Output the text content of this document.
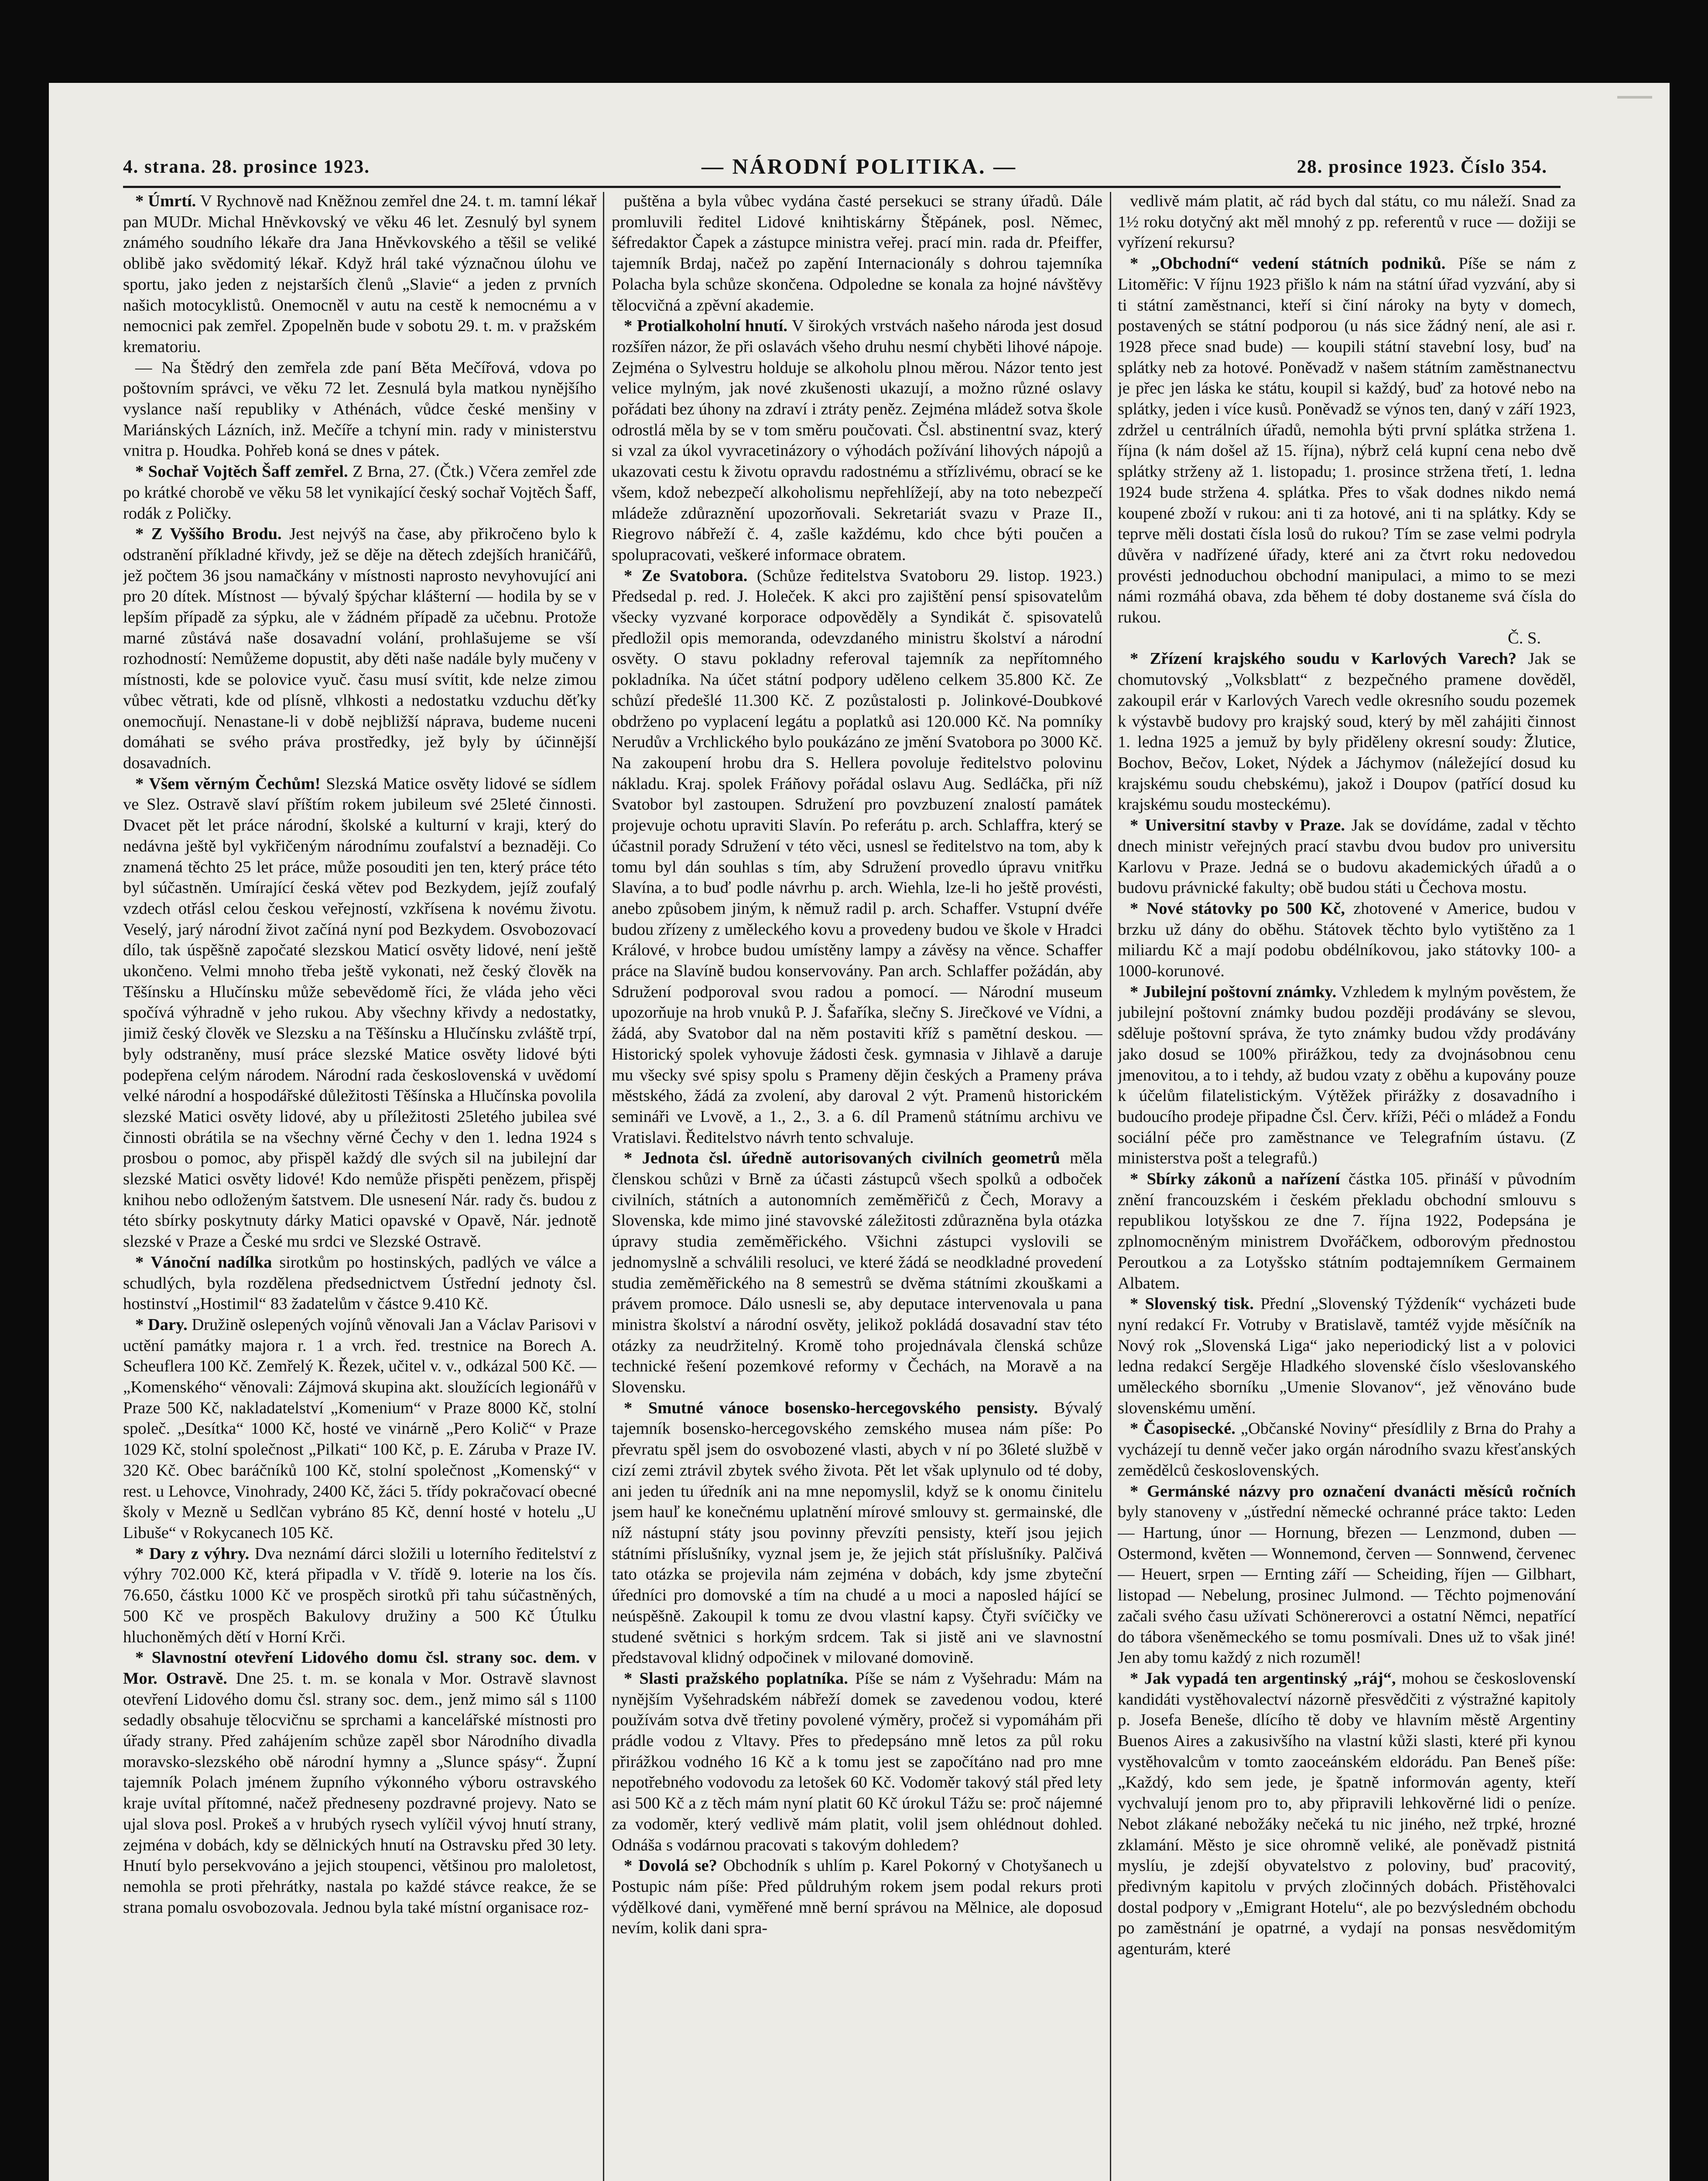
4. strana. 28. prosince 1923.	— NÁRODNÍ POLITIKA. —	28. prosince 1923. Číslo 354.

* Úmrtí. V Rychnově nad Kněžnou zemřel dne 24. t. m. tamní lékař pan MUDr. Michal Hněvkovský ve věku 46 let. Zesnulý byl synem známého soudního lékaře dra Jana Hněvkovského a těšil se veliké oblibě jako svědomitý lékař. Když hrál také význačnou úlohu ve sportu, jako jeden z nejstarších členů „Slavie“ a jeden z prvních našich motocyklistů. Onemocněl v autu na cestě k nemocnému a v nemocnici pak zemřel. Zpopelněn bude v sobotu 29. t. m. v pražském krematoriu.

— Na Štědrý den zemřela zde paní Běta Mečířová, vdova po poštovním správci, ve věku 72 let. Zesnulá byla matkou nynějšího vyslance naší republiky v Athénách, vůdce české menšiny v Mariánských Lázních, inž. Mečíře a tchyní min. rady v ministerstvu vnitra p. Houdka. Pohřeb koná se dnes v pátek.

* Sochař Vojtěch Šaff zemřel. Z Brna, 27. (Čtk.) Včera zemřel zde po krátké chorobě ve věku 58 let vynikající český sochař Vojtěch Šaff, rodák z Poličky.

* Z Vyššího Brodu. Jest nejvýš na čase, aby přikročeno bylo k odstranění příkladné křivdy, jež se děje na dětech zdejších hraničářů, jež počtem 36 jsou namačkány v místnosti naprosto nevyhovující ani pro 20 dítek. Místnost — bývalý špýchar klášterní — hodila by se v lepším případě za sýpku, ale v žádném případě za učebnu. Protože marné zůstává naše dosavadní volání, prohlašujeme se vší rozhodností: Nemůžeme dopustit, aby děti naše nadále byly mučeny v místnosti, kde se polovice vyuč. času musí svítit, kde nelze zimou vůbec větrati, kde od plísně, vlhkosti a nedostatku vzduchu děťky onemocňují. Nenastane-li v době nejbližší náprava, budeme nuceni domáhati se svého práva prostředky, jež byly by účinnější dosavadních.

* Všem věrným Čechům! Slezská Matice osvěty lidové se sídlem ve Slez. Ostravě slaví příštím rokem jubileum své 25leté činnosti. Dvacet pět let práce národní, školské a kulturní v kraji, který do nedávna ještě byl vykřičeným národnímu zoufalství a beznaději. Co znamená těchto 25 let práce, může posouditi jen ten, který práce této byl súčastněn. Umírající česká větev pod Bezkydem, jejíž zoufalý vzdech otřásl celou českou veřejností, vzkřísena k novému životu. Veselý, jarý národní život začíná nyní pod Bezkydem. Osvobozovací dílo, tak úspěšně započaté slezskou Maticí osvěty lidové, není ještě ukončeno. Velmi mnoho třeba ještě vykonati, než český člověk na Těšínsku a Hlučínsku může sebevědomě říci, že vláda jeho věci spočívá výhradně v jeho rukou. Aby všechny křivdy a nedostatky, jimiž český člověk ve Slezsku a na Těšínsku a Hlučínsku zvláště trpí, byly odstraněny, musí práce slezské Matice osvěty lidové býti podepřena celým národem. Národní rada československá v uvědomí velké národní a hospodářské důležitosti Těšínska a Hlučínska povolila slezské Matici osvěty lidové, aby u příležitosti 25letého jubilea své činnosti obrátila se na všechny věrné Čechy v den 1. ledna 1924 s prosbou o pomoc, aby přispěl každý dle svých sil na jubilejní dar slezské Matici osvěty lidové! Kdo nemůže přispěti penězem, přispěj knihou nebo odloženým šatstvem. Dle usnesení Nár. rady čs. budou z této sbírky poskytnuty dárky Matici opavské v Opavě, Nár. jednotě slezské v Praze a České mu srdci ve Slezské Ostravě.

* Vánoční nadílka sirotkům po hostinských, padlých ve válce a schudlých, byla rozdělena předsednictvem Ústřední jednoty čsl. hostinství „Hostimil“ 83 žadatelům v částce 9.410 Kč.

* Dary. Družině oslepených vojínů věnovali Jan a Václav Parisovi v uctění památky majora r. 1 a vrch. řed. trestnice na Borech A. Scheuflera 100 Kč. Zemřelý K. Řezek, učitel v. v., odkázal 500 Kč. — „Komenského“ věnovali: Zájmová skupina akt. sloužících legionářů v Praze 500 Kč, nakladatelství „Komenium“ v Praze 8000 Kč, stolní společ. „Desítka“ 1000 Kč, hosté ve vinárně „Pero Količ“ v Praze 1029 Kč, stolní společnost „Pilkati“ 100 Kč, p. E. Záruba v Praze IV. 320 Kč. Obec baráčníků 100 Kč, stolní společnost „Komenský“ v rest. u Lehovce, Vinohrady, 2400 Kč, žáci 5. třídy pokračovací obecné školy v Mezně u Sedlčan vybráno 85 Kč, denní hosté v hotelu „U Libuše“ v Rokycanech 105 Kč.

* Dary z výhry. Dva neznámí dárci složili u loterního ředitelství z výhry 702.000 Kč, která připadla v V. třídě 9. loterie na los čís. 76.650, částku 1000 Kč ve prospěch sirotků při tahu súčastněných, 500 Kč ve prospěch Bakulovy družiny a 500 Kč Útulku hluchoněmých dětí v Horní Krči.

* Slavnostní otevření Lidového domu čsl. strany soc. dem. v Mor. Ostravě. Dne 25. t. m. se konala v Mor. Ostravě slavnost otevření Lidového domu čsl. strany soc. dem., jenž mimo sál s 1100 sedadly obsahuje tělocvičnu se sprchami a kancelářské místnosti pro úřady strany. Před zahájením schůze zapěl sbor Národního divadla moravsko-slezského obě národní hymny a „Slunce spásy“. Župní tajemník Polach jménem župního výkonného výboru ostravského kraje uvítal přítomné, načež předneseny pozdravné projevy. Nato se ujal slova posl. Prokeš a v hrubých rysech vylíčil vývoj hnutí strany, zejména v dobách, kdy se dělnických hnutí na Ostravsku před 30 lety. Hnutí bylo persekvováno a jejich stoupenci, většinou pro maloletost, nemohla se proti přehrátky, nastala po každé stávce reakce, že se strana pomalu osvobozovala. Jednou byla také místní organisace roz-

puštěna a byla vůbec vydána časté persekuci se strany úřadů. Dále promluvili ředitel Lidové knihtiskárny Štěpánek, posl. Němec, šéfredaktor Čapek a zástupce ministra veřej. prací min. rada dr. Pfeiffer, tajemník Brdaj, načež po zapění Internacionály s dohrou tajemníka Polacha byla schůze skončena. Odpoledne se konala za hojné návštěvy tělocvičná a zpěvní akademie.

* Protialkoholní hnutí. V širokých vrstvách našeho národa jest dosud rozšířen názor, že při oslavách všeho druhu nesmí chyběti lihové nápoje. Zejména o Sylvestru holduje se alkoholu plnou měrou. Názor tento jest velice mylným, jak nové zkušenosti ukazují, a možno různé oslavy pořádati bez úhony na zdraví i ztráty peněz. Zejména mládež sotva škole odrostlá měla by se v tom směru poučovati. Čsl. abstinentní svaz, který si vzal za úkol vyvracetinázory o výhodách požívání lihových nápojů a ukazovati cestu k životu opravdu radostnému a střízlivému, obrací se ke všem, kdož nebezpečí alkoholismu nepřehlížejí, aby na toto nebezpečí mládeže zdůraznění upozorňovali. Sekretariát svazu v Praze II., Riegrovo nábřeží č. 4, zašle každému, kdo chce býti poučen a spolupracovati, veškeré informace obratem.

* Ze Svatobora. (Schůze ředitelstva Svatoboru 29. listop. 1923.) Předsedal p. red. J. Holeček. K akci pro zajištění pensí spisovatelům všecky vyzvané korporace odpověděly a Syndikát č. spisovatelů předložil opis memoranda, odevzdaného ministru školství a národní osvěty. O stavu pokladny referoval tajemník za nepřítomného pokladníka. Na účet státní podpory uděleno celkem 35.800 Kč. Ze schůzí předešlé 11.300 Kč. Z pozůstalosti p. Jolinkové-Doubkové obdrženo po vyplacení legátu a poplatků asi 120.000 Kč. Na pomníky Nerudův a Vrchlického bylo poukázáno ze jmění Svatobora po 3000 Kč. Na zakoupení hrobu dra S. Hellera povoluje ředitelstvo polovinu nákladu. Kraj. spolek Fráňovy pořádal oslavu Aug. Sedláčka, při níž Svatobor byl zastoupen. Sdružení pro povzbuzení znalostí památek projevuje ochotu upraviti Slavín. Po referátu p. arch. Schlaffra, který se účastnil porady Sdružení v této věci, usnesl se ředitelstvo na tom, aby k tomu byl dán souhlas s tím, aby Sdružení provedlo úpravu vnitřku Slavína, a to buď podle návrhu p. arch. Wiehla, lze-li ho ještě provésti, anebo způsobem jiným, k němuž radil p. arch. Schaffer. Vstupní dvéře budou zřízeny z uměleckého kovu a provedeny budou ve škole v Hradci Králové, v hrobce budou umístěny lampy a závěsy na věnce. Schaffer práce na Slavíně budou konservovány. Pan arch. Schlaffer požádán, aby Sdružení podporoval svou radou a pomocí. — Národní museum upozorňuje na hrob vnuků P. J. Šafaříka, slečny S. Jirečkové ve Vídni, a žádá, aby Svatobor dal na něm postaviti kříž s pamětní deskou. — Historický spolek vyhovuje žádosti česk. gymnasia v Jihlavě a daruje mu všecky své spisy spolu s Prameny dějin českých a Prameny práva městského, žádá za zvolení, aby daroval 2 výt. Pramenů historickém semináři ve Lvově, a 1., 2., 3. a 6. díl Pramenů státnímu archivu ve Vratislavi. Ředitelstvo návrh tento schvaluje.

* Jednota čsl. úředně autorisovaných civilních geometrů měla členskou schůzi v Brně za účasti zástupců všech spolků a odboček civilních, státních a autonomních zeměměřičů z Čech, Moravy a Slovenska, kde mimo jiné stavovské záležitosti zdůrazněna byla otázka úpravy studia zeměměřického. Všichni zástupci vyslovili se jednomyslně a schválili resoluci, ve které žádá se neodkladné provedení studia zeměměřického na 8 semestrů se dvěma státními zkouškami a právem promoce. Dálo usnesli se, aby deputace intervenovala u pana ministra školství a národní osvěty, jelikož pokládá dosavadní stav této otázky za neudržitelný. Kromě toho projednávala členská schůze technické řešení pozemkové reformy v Čechách, na Moravě a na Slovensku.

* Smutné vánoce bosensko-hercegovského pensisty. Bývalý tajemník bosensko-hercegovského zemského musea nám píše: Po převratu spěl jsem do osvobozené vlasti, abych v ní po 36leté službě v cizí zemi ztrávil zbytek svého života. Pět let však uplynulo od té doby, ani jeden tu úředník ani na mne nepomyslil, když se k onomu činitelu jsem hauľ ke konečnému uplatnění mírové smlouvy st. germainské, dle níž nástupní státy jsou povinny převzíti pensisty, kteří jsou jejich státními příslušníky, vyznal jsem je, že jejich stát příslušníky. Palčivá tato otázka se projevila nám zejména v dobách, kdy jsme zbyteční úředníci pro domovské a tím na chudé a u moci a naposled hájící se neúspěšně. Zakoupil k tomu ze dvou vlastní kapsy. Čtyři svíčičky ve studené světnici s horkým srdcem. Tak si jistě ani ve slavnostní představoval klidný odpočinek v milované domovině.

* Slasti pražského poplatníka. Píše se nám z Vyšehradu: Mám na nynějším Vyšehradském nábřeží domek se zavedenou vodou, které používám sotva dvě třetiny povolené výměry, pročež si vypomáhám při prádle vodou z Vltavy. Přes to předepsáno mně letos za půl roku přirážkou vodného 16 Kč a k tomu jest se započítáno nad pro mne nepotřebného vodovodu za letošek 60 Kč. Vodoměr takový stál před lety asi 500 Kč a z těch mám nyní platit 60 Kč úrokul Tážu se: proč nájemné za vodoměr, který vedlivě mám platit, volil jsem ohlédnout dohled. Odnáša s vodárnou pracovati s takovým dohledem?

* Dovolá se? Obchodník s uhlím p. Karel Pokorný v Chotyšanech u Postupic nám píše: Před půldruhým rokem jsem podal rekurs proti výdělkové dani, vyměřené mně berní správou na Mělnice, ale doposud nevím, kolik dani spra-

vedlivě mám platit, ač rád bych dal státu, co mu náleží. Snad za 1½ roku dotyčný akt měl mnohý z pp. referentů v ruce — dožiji se vyřízení rekursu?

* „Obchodní“ vedení státních podniků. Píše se nám z Litoměřic: V říjnu 1923 přišlo k nám na státní úřad vyzvání, aby si ti státní zaměstnanci, kteří si činí nároky na byty v domech, postavených se státní podporou (u nás sice žádný není, ale asi r. 1928 přece snad bude) — koupili státní stavební losy, buď na splátky neb za hotové. Poněvadž v našem státním zaměstnanectvu je přec jen láska ke státu, koupil si každý, buď za hotové nebo na splátky, jeden i více kusů. Poněvadž se výnos ten, daný v září 1923, zdržel u centrálních úřadů, nemohla býti první splátka stržena 1. října (k nám došel až 15. října), nýbrž celá kupní cena nebo dvě splátky strženy až 1. listopadu; 1. prosince stržena třetí, 1. ledna 1924 bude stržena 4. splátka. Přes to však dodnes nikdo nemá koupené zboží v rukou: ani ti za hotové, ani ti na splátky. Kdy se teprve měli dostati čísla losů do rukou? Tím se zase velmi podryla důvěra v nadřízené úřady, které ani za čtvrt roku nedovedou provésti jednoduchou obchodní manipulaci, a mimo to se mezi námi rozmáhá obava, zda během té doby dostaneme svá čísla do rukou.

Č. S.

* Zřízení krajského soudu v Karlových Varech? Jak se chomutovský „Volksblatt“ z bezpečného pramene dověděl, zakoupil erár v Karlových Varech vedle okresního soudu pozemek k výstavbě budovy pro krajský soud, který by měl zahájiti činnost 1. ledna 1925 a jemuž by byly přiděleny okresní soudy: Žlutice, Bochov, Bečov, Loket, Nýdek a Jáchymov (náležející dosud ku krajskému soudu chebskému), jakož i Doupov (patřící dosud ku krajskému soudu mosteckému).

* Universitní stavby v Praze. Jak se dovídáme, zadal v těchto dnech ministr veřejných prací stavbu dvou budov pro universitu Karlovu v Praze. Jedná se o budovu akademických úřadů a o budovu právnické fakulty; obě budou státi u Čechova mostu.

* Nové státovky po 500 Kč, zhotovené v Americe, budou v brzku už dány do oběhu. Státovek těchto bylo vytištěno za 1 miliardu Kč a mají podobu obdélníkovou, jako státovky 100- a 1000-korunové.

* Jubilejní poštovní známky. Vzhledem k mylným pověstem, že jubilejní poštovní známky budou později prodávány se slevou, sděluje poštovní správa, že tyto známky budou vždy prodávány jako dosud se 100% přirážkou, tedy za dvojnásobnou cenu jmenovitou, a to i tehdy, až budou vzaty z oběhu a kupovány pouze k účelům filatelistickým. Výtěžek přirážky z dosavadního i budoucího prodeje připadne Čsl. Červ. kříži, Péči o mládež a Fondu sociální péče pro zaměstnance ve Telegrafním ústavu. (Z ministerstva pošt a telegrafů.)

* Sbírky zákonů a nařízení částka 105. přináší v původním znění francouzském i českém překladu obchodní smlouvu s republikou lotyšskou ze dne 7. října 1922, Podepsána je zplnomocněným ministrem Dvořáčkem, odborovým přednostou Peroutkou a za Lotyšsko státním podtajemníkem Germainem Albatem.

* Slovenský tisk. Přední „Slovenský Týždeník“ vycházeti bude nyní redakcí Fr. Votruby v Bratislavě, tamtéž vyjde měsíčník na Nový rok „Slovenská Liga“ jako neperiodický list a v polovici ledna redakcí Sergěje Hladkého slovenské číslo všeslovanského uměleckého sborníku „Umenie Slovanov“, jež věnováno bude slovenskému umění.

* Časopisecké. „Občanské Noviny“ přesídlily z Brna do Prahy a vycházejí tu denně večer jako orgán národního svazu křesťanských zemědělců československých.

* Germánské názvy pro označení dvanácti měsíců ročních byly stanoveny v „ústřední německé ochranné práce takto: Leden — Hartung, únor — Hornung, březen — Lenzmond, duben — Ostermond, květen — Wonnemond, červen — Sonnwend, červenec — Heuert, srpen — Ernting září — Scheiding, říjen — Gilbhart, listopad — Nebelung, prosinec Julmond. — Těchto pojmenování začali svého času užívati Schönererovci a ostatní Němci, nepatřící do tábora všeněmeckého se tomu posmívali. Dnes už to však jiné! Jen aby tomu každý z nich rozuměl!

* Jak vypadá ten argentinský „ráj“, mohou se československí kandidáti vystěhovalectví názorně přesvědčiti z výstražné kapitoly p. Josefa Beneše, dlícího tě doby ve hlavním městě Argentiny Buenos Aires a zakusivšího na vlastní kůži slasti, které při kynou vystěhovalcům v tomto zaoceánském eldorádu. Pan Beneš píše: „Každý, kdo sem jede, je špatně informován agenty, kteří vychvalují jenom pro to, aby připravili lehkověrné lidi o peníze. Nebot zlákané nebožáky nečeká tu nic jiného, než trpké, hrozné zklamání. Město je sice ohromně veliké, ale poněvadž pistnitá myslíu, je zdejší obyvatelstvo z poloviny, buď pracovitý, předivným kapitolu v prvých zločinných dobách. Přistěhovalci dostal podpory v „Emigrant Hotelu“, ale po bezvýsledném obchodu po zaměstnání je opatrné, a vydají na ponsas nesvědomitým agenturám, které
